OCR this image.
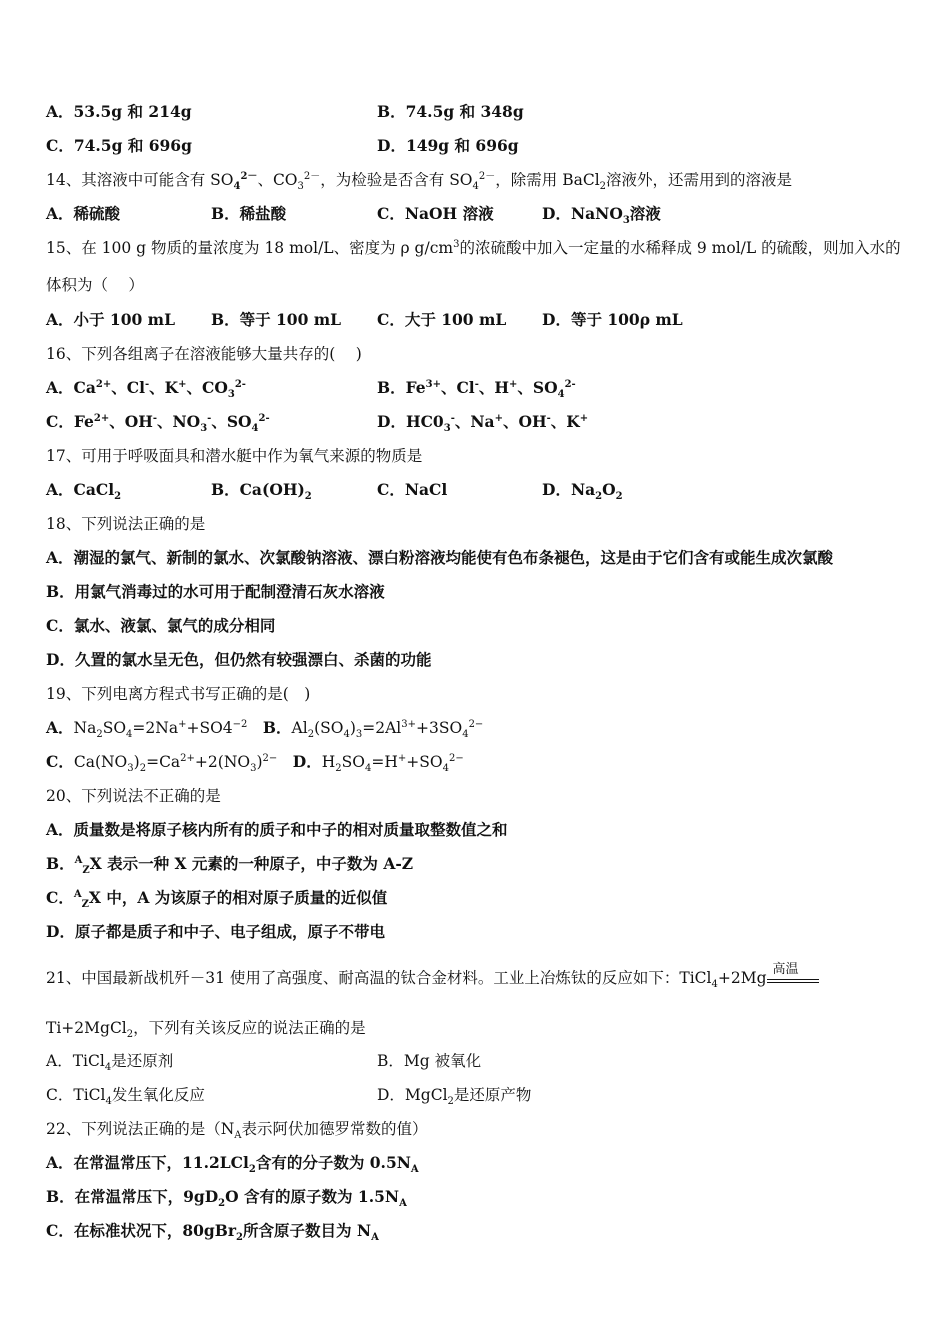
A．53.5g 和 214g	B．74.5g 和 348g
C．74.5g 和 696g	D．149g 和 696g
14、其溶液中可能含有 $SO_4^{2-}$、$CO_3^{2-}$，为检验是否含有 $SO_4^{2-}$，除需用 BaCl$_2$溶液外，还需用到的溶液是
A．稀硫酸	B．稀盐酸	C．NaOH 溶液	D．NaNO$_3$溶液
15、在 100 g 物质的量浓度为 18 mol/L、密度为 ρ $g/cm^3$的浓硫酸中加入一定量的水稀释成 9 mol/L 的硫酸，则加入水的
体积为（　 ）
A．小于 100 mL B．等于 100 mL C．大于 100 mL D．等于 100ρ mL
16、下列各组离子在溶液能够大量共存的(　 )
A．$Ca^{2+}$、Cl-、K+、$CO_3^{2-}$	B．$Fe^{3+}$、Cl-、H+、$SO_4^{2-}$
C．$Fe^{2+}$、OH-、$NO_3^-$、$SO_4^{2-}$	D．$HC0_3^-$、Na+、OH-、K+
17、可用于呼吸面具和潜水艇中作为氧气来源的物质是
A．CaCl$_2$	B．$Ca(OH)_2$	C．NaCl	D．$Na_2O_2$
18、下列说法正确的是
A．潮湿的氯气、新制的氯水、次氯酸钠溶液、漂白粉溶液均能使有色布条褪色，这是由于它们含有或能生成次氯酸
B．用氯气消毒过的水可用于配制澄清石灰水溶液
C．氯水、液氯、氯气的成分相同
D．久置的氯水呈无色，但仍然有较强漂白、杀菌的功能
19、下列电离方程式书写正确的是(　)
A．$Na_2SO_4=2Na^++SO4^{-2}$　 B．$Al_2(SO_4)_3=2Al^{3+}+3SO_4^{2-}$
C．$Ca(NO_3)_2=Ca^{2+}+2(NO_3)^{2-}$　 D．$H_2SO_4=H^++SO_4^{2-}$
20、下列说法不正确的是
A．质量数是将原子核内所有的质子和中子的相对质量取整数值之和
B．$^A_Z$X 表示一种 X 元素的一种原子，中子数为 A-Z
C．$^A_Z$X 中，A 为该原子的相对原子质量的近似值
D．原子都是质子和中子、电子组成，原子不带电
21、中国最新战机歼－31 使用了高强度、耐高温的钛合金材料。工业上冶炼钛的反应如下：TiCl$_4$+2Mg 高温
Ti+2MgCl$_2$，下列有关该反应的说法正确的是
A．TiCl$_4$是还原剂	B．Mg 被氧化
C．TiCl$_4$发生氧化反应	D．MgCl$_2$是还原产物
22、下列说法正确的是（$N_A$表示阿伏加德罗常数的值）
A．在常温常压下，11.2LCl$_2$含有的分子数为 $0.5N_A$
B．在常温常压下，$9gD_2O$ 含有的原子数为 $1.5N_A$
C．在标准状况下，80gBr$_2$所含原子数目为 $N_A$
